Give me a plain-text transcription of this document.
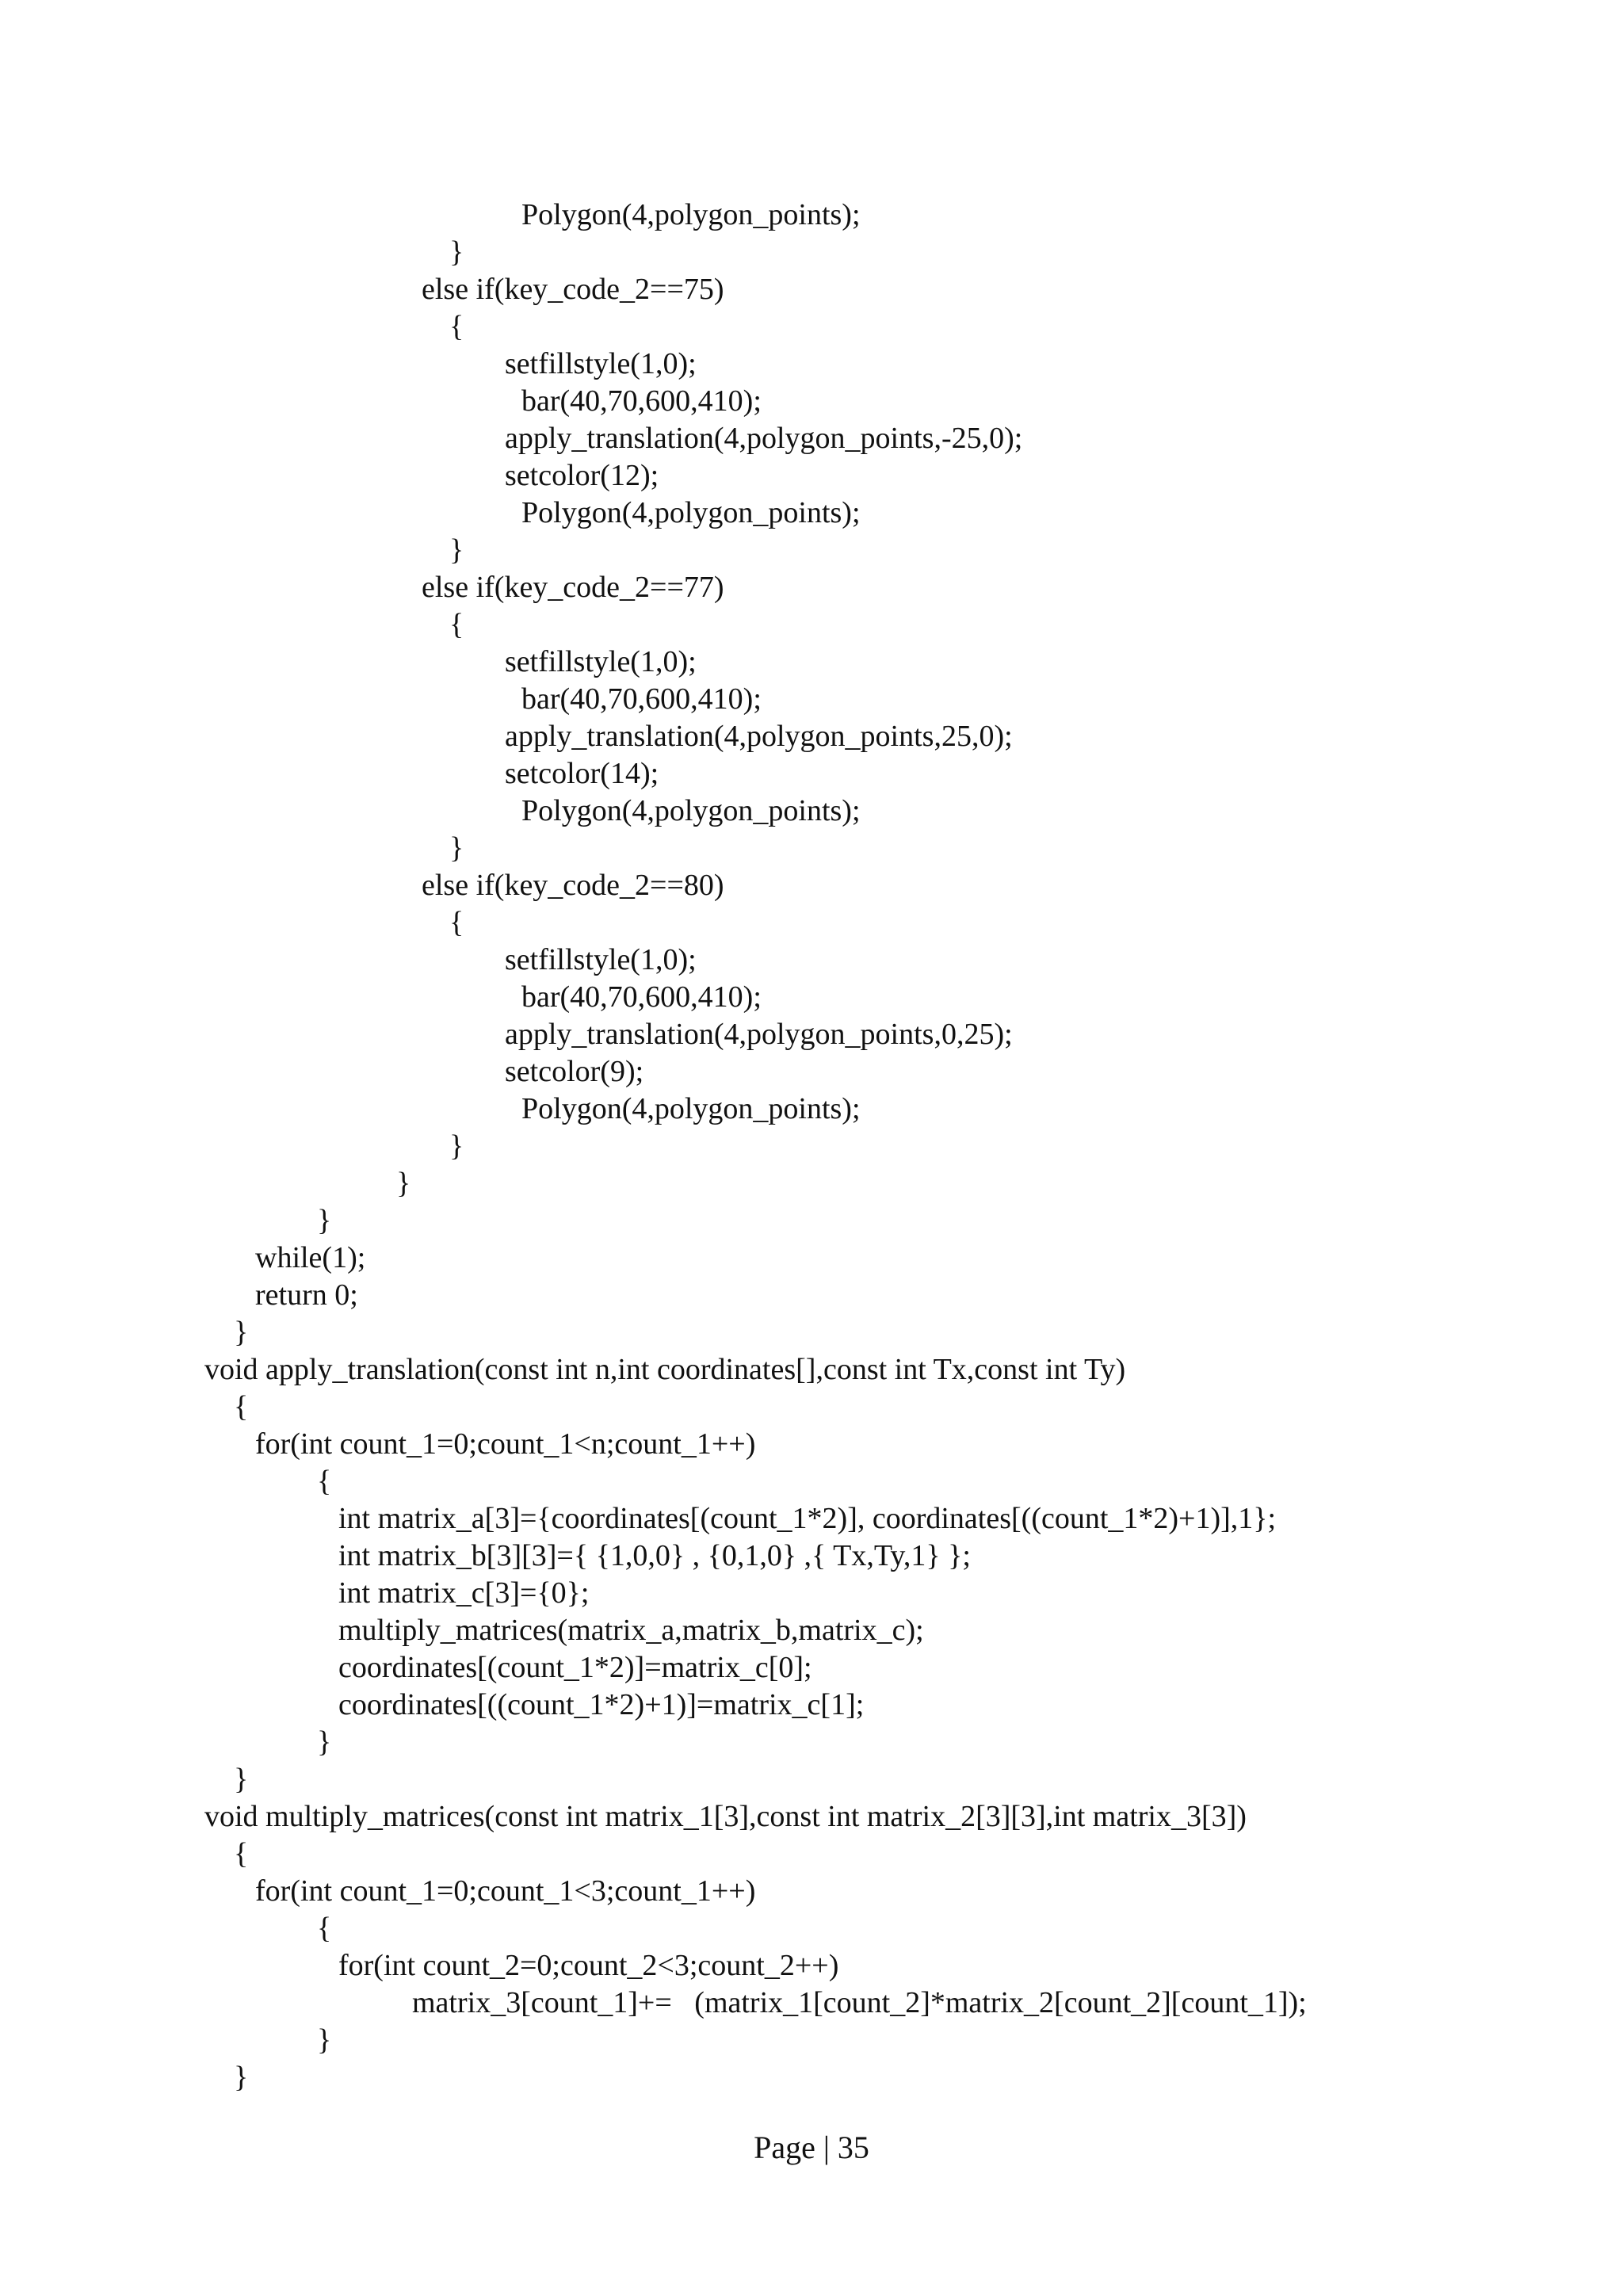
Polygon(4,polygon_points);
}
else if(key_code_2==75)
{
setfillstyle(1,0);
bar(40,70,600,410);
apply_translation(4,polygon_points,-25,0);
setcolor(12);
Polygon(4,polygon_points);
}
else if(key_code_2==77)
{
setfillstyle(1,0);
bar(40,70,600,410);
apply_translation(4,polygon_points,25,0);
setcolor(14);
Polygon(4,polygon_points);
}
else if(key_code_2==80)
{
setfillstyle(1,0);
bar(40,70,600,410);
apply_translation(4,polygon_points,0,25);
setcolor(9);
Polygon(4,polygon_points);
}
}
}
while(1);
return 0;
}
void apply_translation(const int n,int coordinates[],const int Tx,const int Ty)
{
for(int count_1=0;count_1<n;count_1++)
{
int matrix_a[3]={coordinates[(count_1*2)], coordinates[((count_1*2)+1)],1};
int matrix_b[3][3]={ {1,0,0} , {0,1,0} ,{ Tx,Ty,1} };
int matrix_c[3]={0};
multiply_matrices(matrix_a,matrix_b,matrix_c);
coordinates[(count_1*2)]=matrix_c[0];
coordinates[((count_1*2)+1)]=matrix_c[1];
}
}
void multiply_matrices(const int matrix_1[3],const int matrix_2[3][3],int matrix_3[3])
{
for(int count_1=0;count_1<3;count_1++)
{
for(int count_2=0;count_2<3;count_2++)
matrix_3[count_1]+=   (matrix_1[count_2]*matrix_2[count_2][count_1]);
}
}
Page | 35
